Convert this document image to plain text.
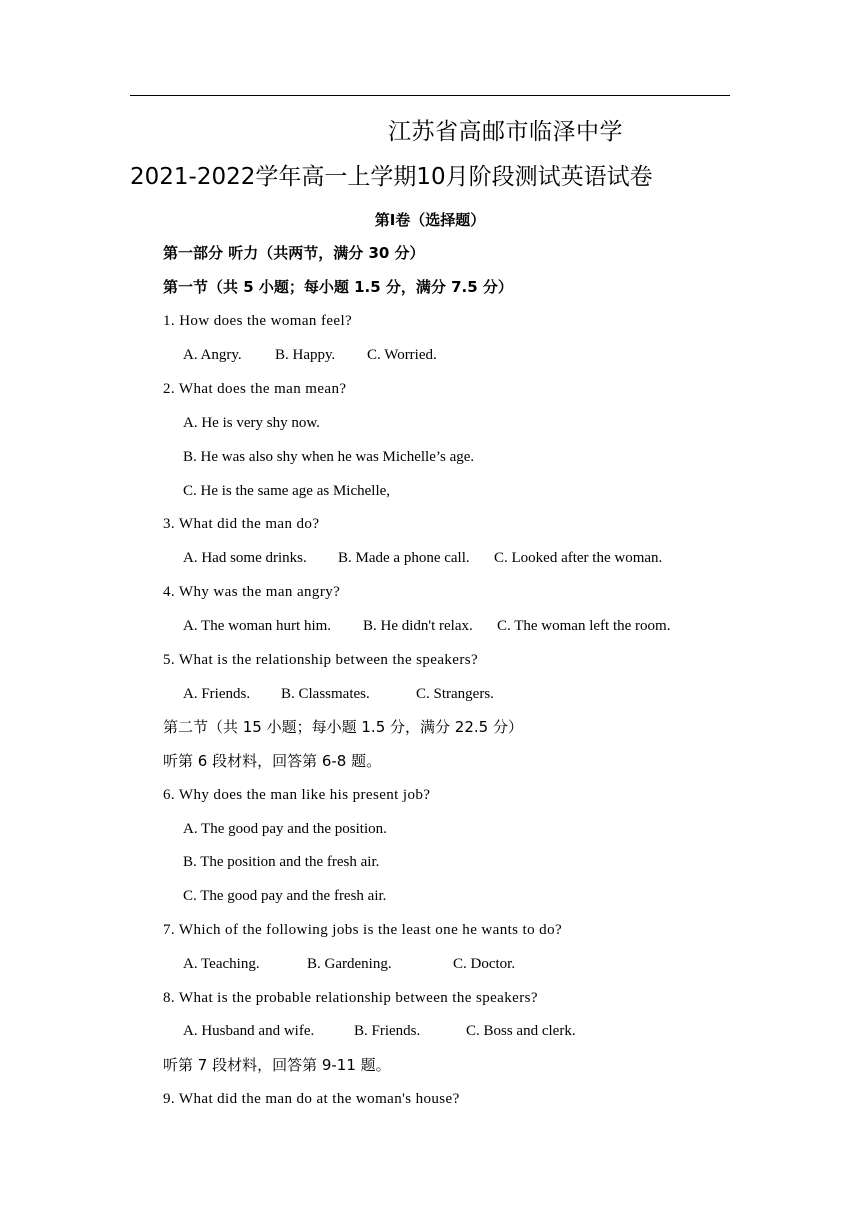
江苏省高邮市临泽中学
2021-2022学年高一上学期10月阶段测试英语试卷
第Ⅰ卷（选择题）
第一部分 听力（共两节，满分 30 分）
第一节（共 5 小题；每小题 1.5 分，满分 7.5 分）
1. How does the woman feel?
A. Angry. B. Happy. C. Worried.
2. What does the man mean?
A. He is very shy now.
B. He was also shy when he was Michelle’s age.
C. He is the same age as Michelle,
3. What did the man do?
A. Had some drinks. B. Made a phone call. C. Looked after the woman.
4. Why was the man angry?
A. The woman hurt him. B. He didn't relax. C. The woman left the room.
5. What is the relationship between the speakers?
A. Friends. B. Classmates.	C. Strangers.
第二节（共 15 小题；每小题 1.5 分，满分 22.5 分）
听第 6 段材料，回答第 6-8 题。
6. Why does the man like his present job?
A. The good pay and the position.
B. The position and the fresh air.
C. The good pay and the fresh air.
7. Which of the following jobs is the least one he wants to do?
A. Teaching.	B. Gardening.	C. Doctor.
8. What is the probable relationship between the speakers?
A. Husband and wife.	B. Friends.	C. Boss and clerk.
听第 7 段材料，回答第 9-11 题。
9. What did the man do at the woman's house?
